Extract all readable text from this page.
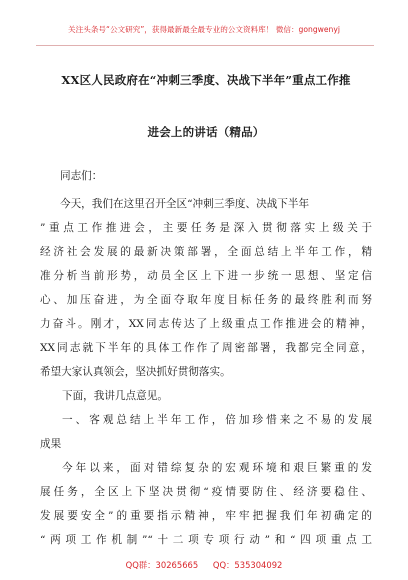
关注头条号“公文研究”，获得最新最全最专业的公文资料库！ 微信：gongwenyj
XX区人民政府在“冲刺三季度、决战下半年”重点工作推
进会上的讲话（精品）
同志们：
今天，我们在这里召开全区“冲刺三季度、决战下半年
”重点工作推进会，主要任务是深入贯彻落实上级关于
经济社会发展的最新决策部署，全面总结上半年工作，精
准分析当前形势，动员全区上下进一步统一思想、坚定信
心、加压奋进，为全面夺取年度目标任务的最终胜利而努
力奋斗。刚才，XX同志传达了上级重点工作推进会的精神，
XX同志就下半年的具体工作作了周密部署，我都完全同意，
希望大家认真领会，坚决抓好贯彻落实。
下面，我讲几点意见。
一、客观总结上半年工作，倍加珍惜来之不易的发展
成果
今年以来，面对错综复杂的宏观环境和艰巨繁重的发
展任务，全区上下坚决贯彻“疫情要防住、经济要稳住、
发展要安全”的重要指示精神，牢牢把握我们年初确定的
“两项工作机制”“十二项专项行动”和“四项重点工
QQ群：30265665 QQ：535304092
